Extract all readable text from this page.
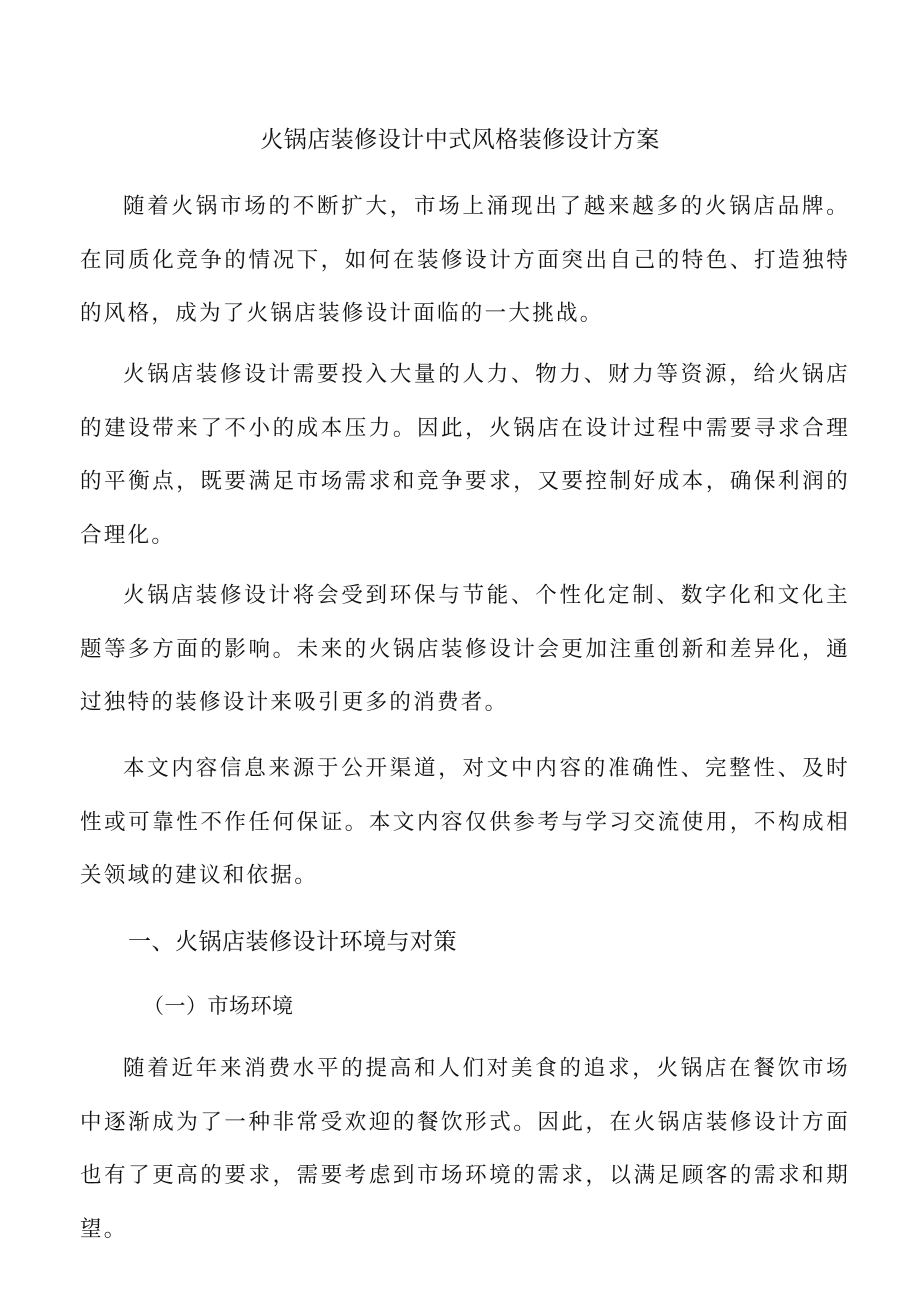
火锅店装修设计中式风格装修设计方案

随着火锅市场的不断扩大，市场上涌现出了越来越多的火锅店品牌。在同质化竞争的情况下，如何在装修设计方面突出自己的特色、打造独特的风格，成为了火锅店装修设计面临的一大挑战。

火锅店装修设计需要投入大量的人力、物力、财力等资源，给火锅店的建设带来了不小的成本压力。因此，火锅店在设计过程中需要寻求合理的平衡点，既要满足市场需求和竞争要求，又要控制好成本，确保利润的合理化。

火锅店装修设计将会受到环保与节能、个性化定制、数字化和文化主题等多方面的影响。未来的火锅店装修设计会更加注重创新和差异化，通过独特的装修设计来吸引更多的消费者。

本文内容信息来源于公开渠道，对文中内容的准确性、完整性、及时性或可靠性不作任何保证。本文内容仅供参考与学习交流使用，不构成相关领域的建议和依据。

一、火锅店装修设计环境与对策
（一）市场环境

随着近年来消费水平的提高和人们对美食的追求，火锅店在餐饮市场中逐渐成为了一种非常受欢迎的餐饮形式。因此，在火锅店装修设计方面也有了更高的要求，需要考虑到市场环境的需求，以满足顾客的需求和期望。
